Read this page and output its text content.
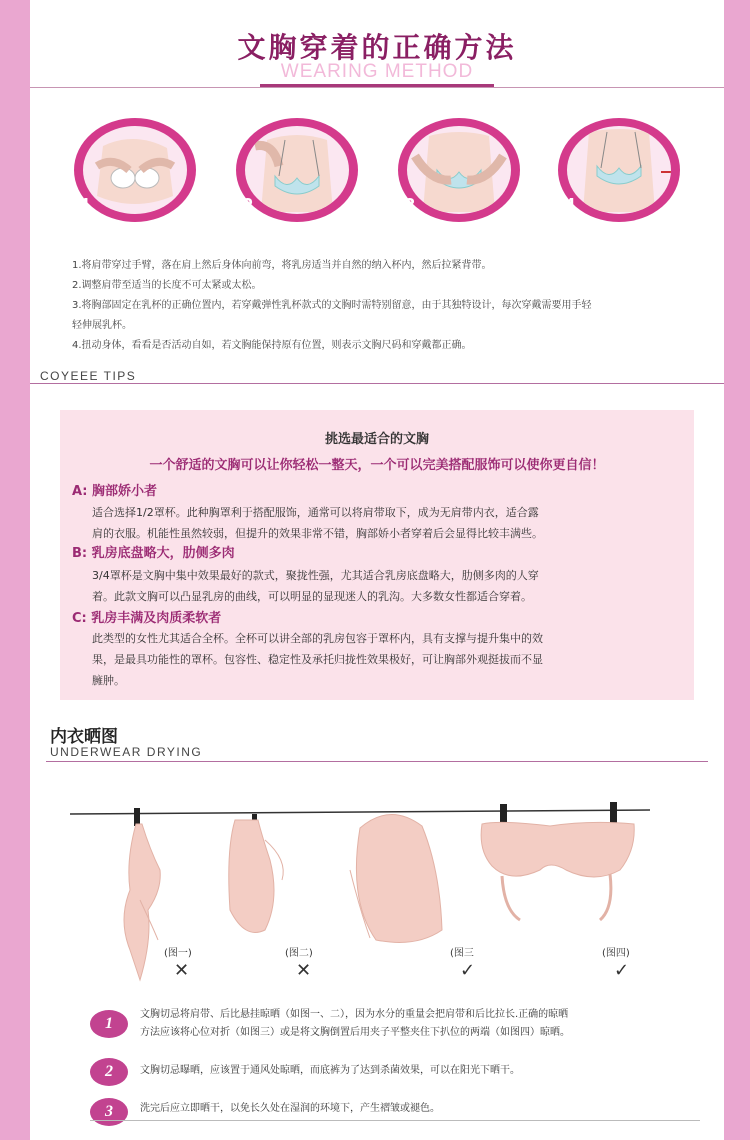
文胸穿着的正确方法
WEARING METHOD
1	2	3	4

1.将肩带穿过手臂，落在肩上然后身体向前弯，将乳房适当并自然的纳入杯内，然后拉紧背带。

2.调整肩带至适当的长度不可太紧或太松。

3.将胸部固定在乳杯的正确位置内，若穿戴弹性乳杯款式的文胸时需特别留意，由于其独特设计，每次穿戴需要用手轻

轻伸展乳杯。

4.扭动身体，看看是否活动自如，若文胸能保持原有位置，则表示文胸尺码和穿戴都正确。

COYEEE TIPS
挑选最适合的文胸
一个舒适的文胸可以让你轻松一整天，一个可以完美搭配服饰可以使你更自信！
A: 胸部娇小者
适合选择1/2罩杯。此种胸罩利于搭配服饰，通常可以将肩带取下，成为无肩带内衣，适合露
肩的衣服。机能性虽然较弱，但提升的效果非常不错，胸部娇小者穿着后会显得比较丰满些。
B: 乳房底盘略大，肋侧多肉
3/4罩杯是文胸中集中效果最好的款式，聚拢性强，尤其适合乳房底盘略大，肋侧多肉的人穿
着。此款文胸可以凸显乳房的曲线，可以明显的显现迷人的乳沟。大多数女性都适合穿着。
C: 乳房丰满及肉质柔软者
此类型的女性尤其适合全杯。全杯可以讲全部的乳房包容于罩杯内，具有支撑与提升集中的效
果，是最具功能性的罩杯。包容性、稳定性及承托归拢性效果极好，可让胸部外观挺拔而不显
臃肿。
内衣晒图
UNDERWEAR DRYING
(图一)
✕
(图二)
✕
(图三
✓
(图四)
✓
1
文胸切忌将肩带、后比悬挂晾晒（如图一、二），因为水分的重量会把肩带和后比拉长.正确的晾晒
方法应该将心位对折（如图三）或是将文胸倒置后用夹子平整夹住下扒位的两端（如图四）晾晒。
2	文胸切忌曝晒，应该置于通风处晾晒，而底裤为了达到杀菌效果，可以在阳光下晒干。
3	洗完后应立即晒干，以免长久处在湿润的环境下，产生褶皱或褪色。
